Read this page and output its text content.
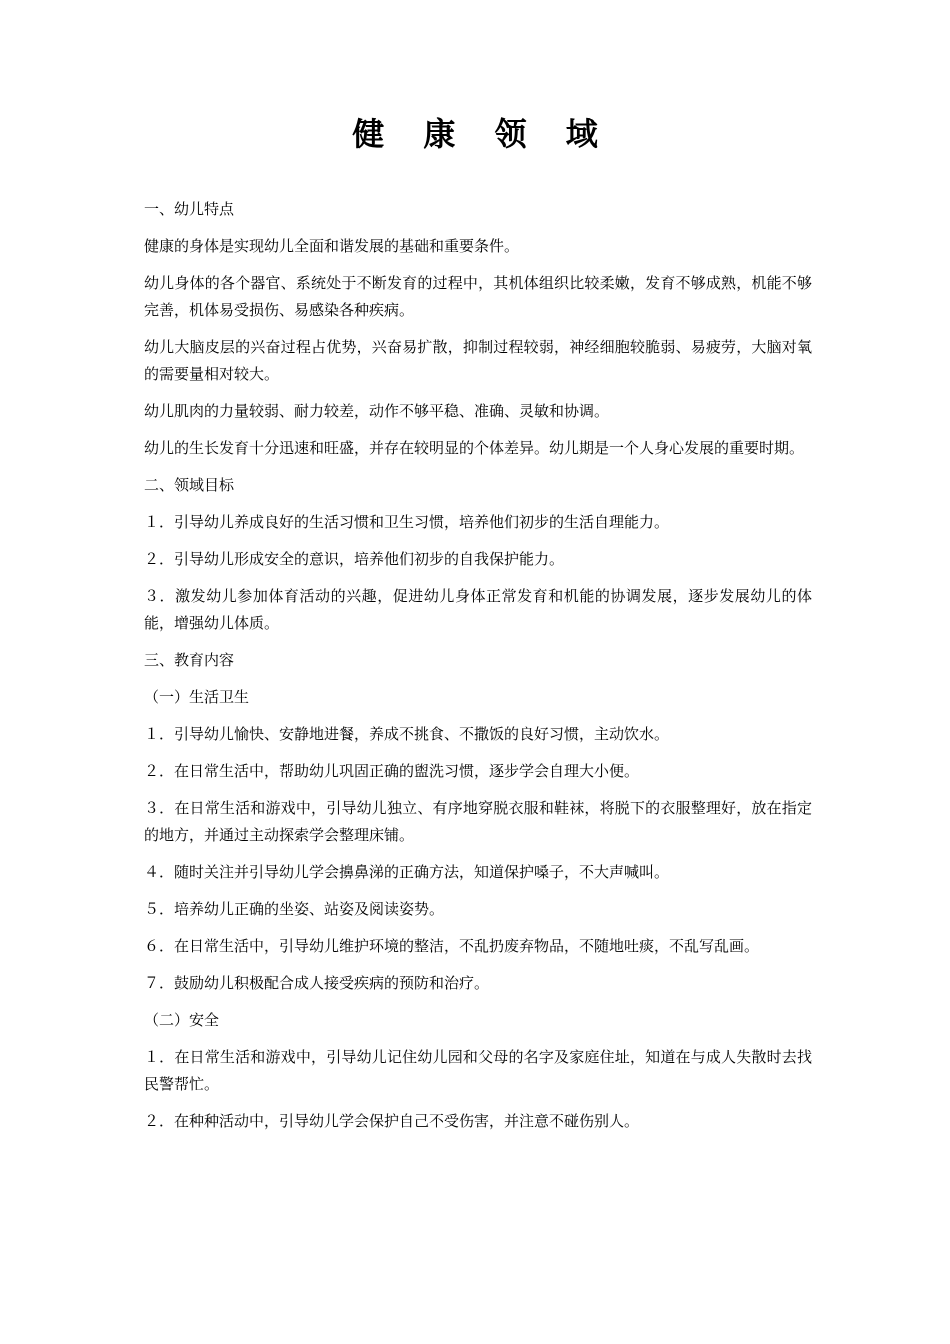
健 康 领 域

一、幼儿特点

健康的身体是实现幼儿全面和谐发展的基础和重要条件。

幼儿身体的各个器官、系统处于不断发育的过程中，其机体组织比较柔嫩，发育不够成熟，机能不够完善，机体易受损伤、易感染各种疾病。

幼儿大脑皮层的兴奋过程占优势，兴奋易扩散，抑制过程较弱，神经细胞较脆弱、易疲劳，大脑对氧的需要量相对较大。

幼儿肌肉的力量较弱、耐力较差，动作不够平稳、准确、灵敏和协调。

幼儿的生长发育十分迅速和旺盛，并存在较明显的个体差异。幼儿期是一个人身心发展的重要时期。

二、领域目标

１．引导幼儿养成良好的生活习惯和卫生习惯，培养他们初步的生活自理能力。

２．引导幼儿形成安全的意识，培养他们初步的自我保护能力。

３．激发幼儿参加体育活动的兴趣，促进幼儿身体正常发育和机能的协调发展，逐步发展幼儿的体能，增强幼儿体质。

三、教育内容

（一）生活卫生

１．引导幼儿愉快、安静地进餐，养成不挑食、不撒饭的良好习惯，主动饮水。

２．在日常生活中，帮助幼儿巩固正确的盥洗习惯，逐步学会自理大小便。

３．在日常生活和游戏中，引导幼儿独立、有序地穿脱衣服和鞋袜，将脱下的衣服整理好，放在指定的地方，并通过主动探索学会整理床铺。

４．随时关注并引导幼儿学会擤鼻涕的正确方法，知道保护嗓子，不大声喊叫。

５．培养幼儿正确的坐姿、站姿及阅读姿势。

６．在日常生活中，引导幼儿维护环境的整洁，不乱扔废弃物品，不随地吐痰，不乱写乱画。

７．鼓励幼儿积极配合成人接受疾病的预防和治疗。

（二）安全

１．在日常生活和游戏中，引导幼儿记住幼儿园和父母的名字及家庭住址，知道在与成人失散时去找民警帮忙。

２．在种种活动中，引导幼儿学会保护自己不受伤害，并注意不碰伤别人。
